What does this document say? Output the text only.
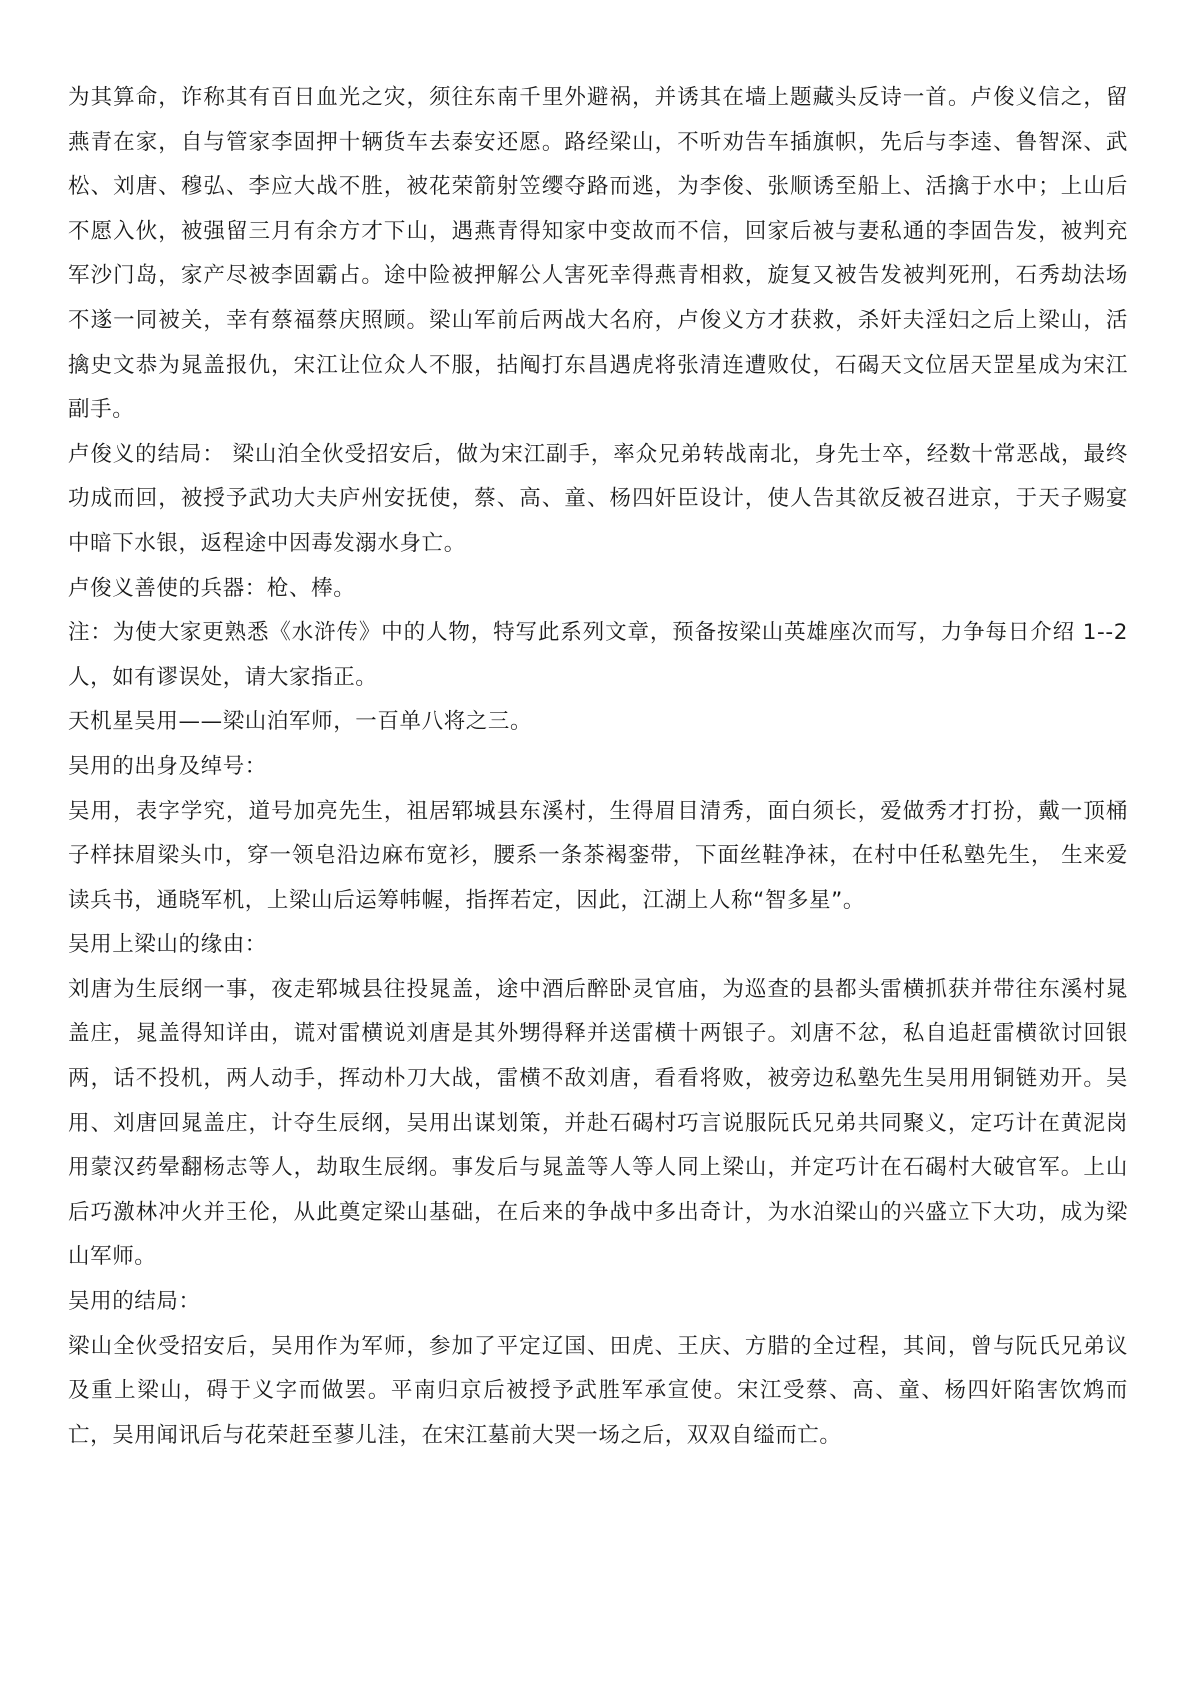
为其算命，诈称其有百日血光之灾，须往东南千里外避祸，并诱其在墙上题藏头反诗一首。卢俊义信之，留燕青在家，自与管家李固押十辆货车去泰安还愿。路经梁山，不听劝告车插旗帜，先后与李逵、鲁智深、武松、刘唐、穆弘、李应大战不胜，被花荣箭射笠缨夺路而逃，为李俊、张顺诱至船上、活擒于水中；上山后不愿入伙，被强留三月有余方才下山，遇燕青得知家中变故而不信，回家后被与妻私通的李固告发，被判充军沙门岛，家产尽被李固霸占。途中险被押解公人害死幸得燕青相救，旋复又被告发被判死刑，石秀劫法场不遂一同被关，幸有蔡福蔡庆照顾。梁山军前后两战大名府，卢俊义方才获救，杀奸夫淫妇之后上梁山，活擒史文恭为晁盖报仇，宋江让位众人不服，拈阄打东昌遇虎将张清连遭败仗，石碣天文位居天罡星成为宋江副手。

卢俊义的结局： 梁山泊全伙受招安后，做为宋江副手，率众兄弟转战南北，身先士卒，经数十常恶战，最终功成而回，被授予武功大夫庐州安抚使，蔡、高、童、杨四奸臣设计，使人告其欲反被召进京，于天子赐宴中暗下水银，返程途中因毒发溺水身亡。

卢俊义善使的兵器：枪、棒。

注：为使大家更熟悉《水浒传》中的人物，特写此系列文章，预备按梁山英雄座次而写，力争每日介绍 1--2 人，如有谬误处，请大家指正。

天机星吴用——梁山泊军师，一百单八将之三。

吴用的出身及绰号：

吴用，表字学究，道号加亮先生，祖居郓城县东溪村，生得眉目清秀，面白须长，爱做秀才打扮，戴一顶桶子样抹眉梁头巾，穿一领皂沿边麻布宽衫，腰系一条茶褐銮带，下面丝鞋净袜，在村中任私塾先生， 生来爱读兵书，通晓军机，上梁山后运筹帏幄，指挥若定，因此，江湖上人称“智多星”。

吴用上梁山的缘由：

刘唐为生辰纲一事，夜走郓城县往投晁盖，途中酒后醉卧灵官庙，为巡查的县都头雷横抓获并带往东溪村晁盖庄，晁盖得知详由，谎对雷横说刘唐是其外甥得释并送雷横十两银子。刘唐不忿，私自追赶雷横欲讨回银两，话不投机，两人动手，挥动朴刀大战，雷横不敌刘唐，看看将败，被旁边私塾先生吴用用铜链劝开。吴用、刘唐回晁盖庄，计夺生辰纲，吴用出谋划策，并赴石碣村巧言说服阮氏兄弟共同聚义，定巧计在黄泥岗用蒙汉药晕翻杨志等人，劫取生辰纲。事发后与晁盖等人等人同上梁山，并定巧计在石碣村大破官军。上山后巧激林冲火并王伦，从此奠定梁山基础，在后来的争战中多出奇计，为水泊梁山的兴盛立下大功，成为梁山军师。

吴用的结局：

梁山全伙受招安后，吴用作为军师，参加了平定辽国、田虎、王庆、方腊的全过程，其间，曾与阮氏兄弟议及重上梁山，碍于义字而做罢。平南归京后被授予武胜军承宣使。宋江受蔡、高、童、杨四奸陷害饮鸩而亡，吴用闻讯后与花荣赶至蓼儿洼，在宋江墓前大哭一场之后，双双自缢而亡。
